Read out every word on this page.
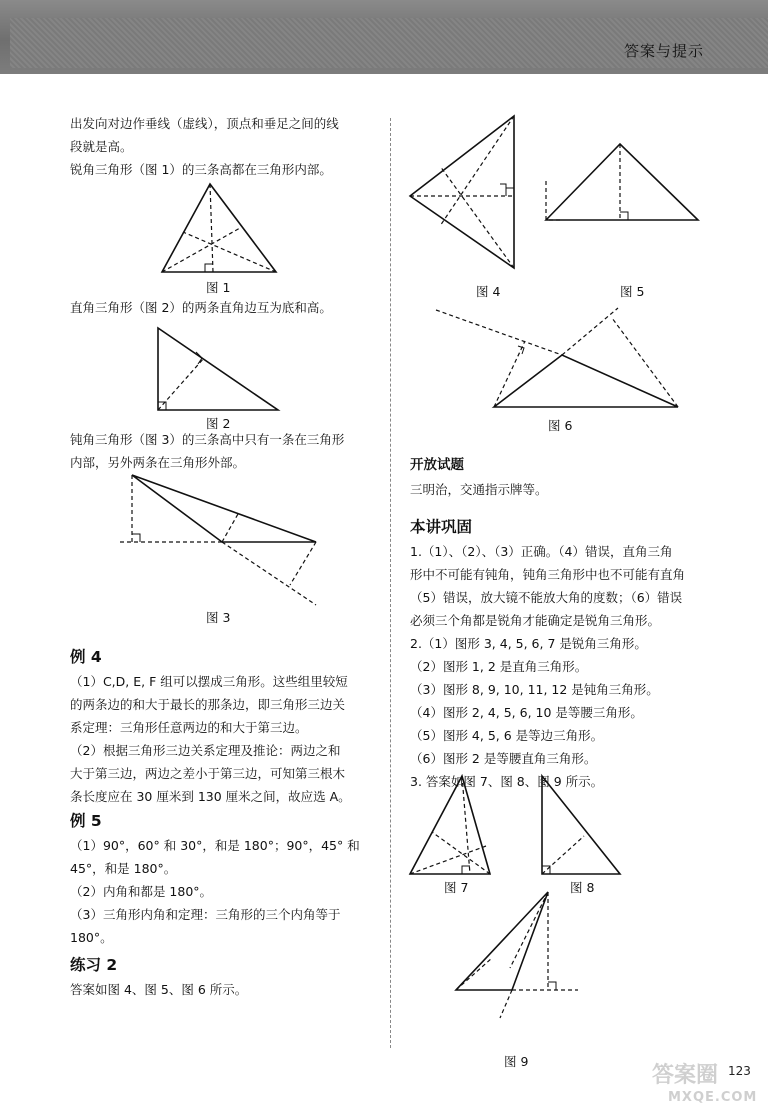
答案与提示

出发向对边作垂线（虚线），顶点和垂足之间的线

段就是高。

锐角三角形（图 1）的三条高都在三角形内部。

图 1

直角三角形（图 2）的两条直角边互为底和高。

图 2

钝角三角形（图 3）的三条高中只有一条在三角形

内部，另外两条在三角形外部。

图 3

例 4

（1）C,D, E, F 组可以摆成三角形。这些组里较短

的两条边的和大于最长的那条边，即三角形三边关

系定理：三角形任意两边的和大于第三边。

（2）根据三角形三边关系定理及推论：两边之和

大于第三边，两边之差小于第三边，可知第三根木

条长度应在 30 厘米到 130 厘米之间，故应选 A。

例 5

（1）90°，60° 和 30°，和是 180°；90°，45° 和

45°，和是 180°。

（2）内角和都是 180°。

（3）三角形内角和定理：三角形的三个内角等于

180°。

练习 2

答案如图 4、图 5、图 6 所示。

图 4	图 5
图 6

开放试题

三明治，交通指示牌等。

本讲巩固

1.（1）、（2）、（3）正确。（4）错误，直角三角

形中不可能有钝角，钝角三角形中也不可能有直角

（5）错误，放大镜不能放大角的度数；（6）错误

必须三个角都是锐角才能确定是锐角三角形。

2.（1）图形 3, 4, 5, 6, 7 是锐角三角形。

（2）图形 1, 2 是直角三角形。

（3）图形 8, 9, 10, 11, 12 是钝角三角形。

（4）图形 2, 4, 5, 6, 10 是等腰三角形。

（5）图形 4, 5, 6 是等边三角形。

（6）图形 2 是等腰直角三角形。

3. 答案如图 7、图 8、图 9 所示。

图 7	图 8
图 9
答案圈
MXQE.COM
123
